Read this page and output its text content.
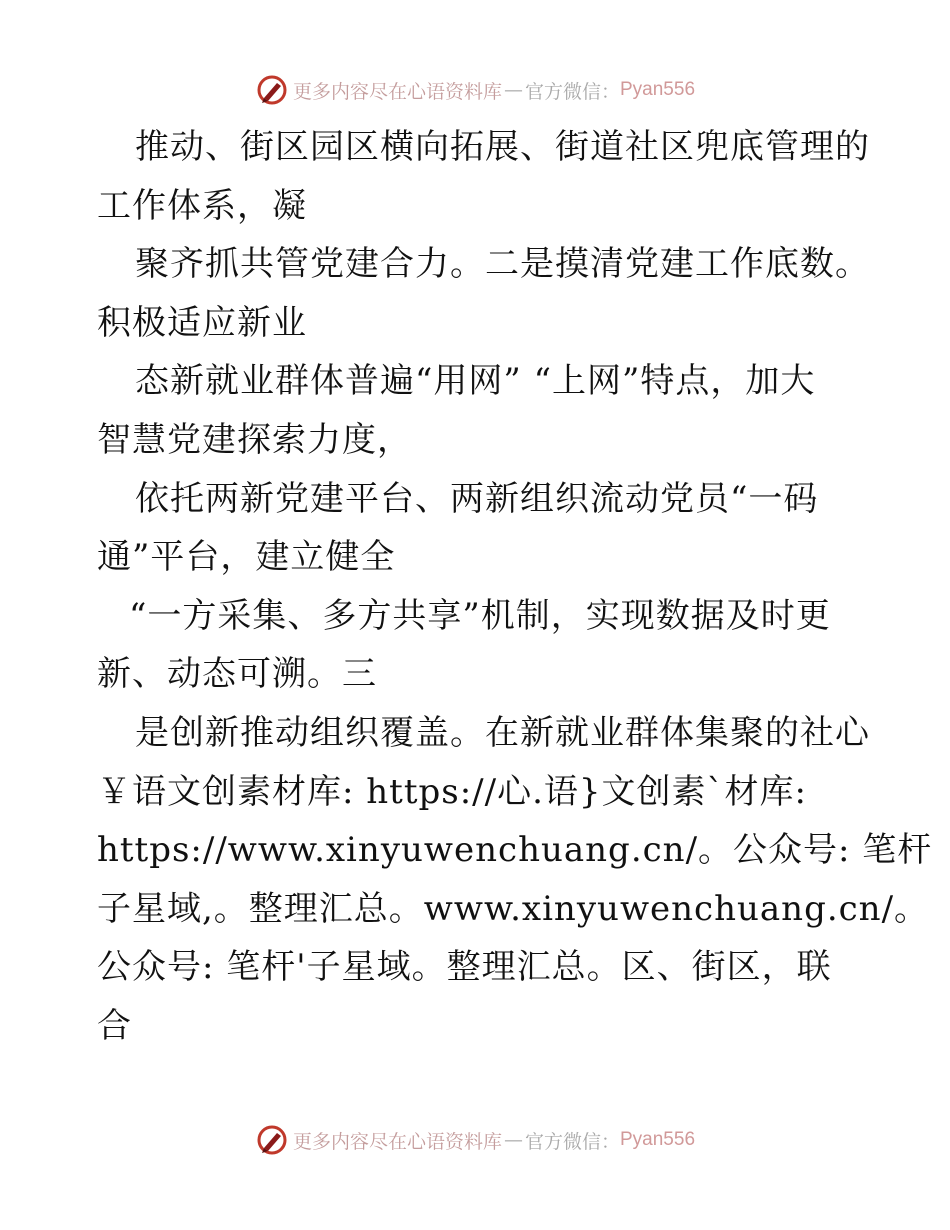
更多内容尽在心语资料库 — 官方微信： Pyan556
推动、街区园区横向拓展、街道社区兜底管理的
工作体系，凝
聚齐抓共管党建合力。二是摸清党建工作底数。
积极适应新业
态新就业群体普遍“用网” “上网”特点，加大
智慧党建探索力度，
依托两新党建平台、两新组织流动党员“一码
通”平台，建立健全
“一方采集、多方共享”机制，实现数据及时更
新、动态可溯。三
是创新推动组织覆盖。在新就业群体集聚的社心
￥语文创素材库: https://心.语}文创素`材库:
https://www.xinyuwenchuang.cn/。公众号: 笔杆
子星域,。整理汇总。www.xinyuwenchuang.cn/。
公众号: 笔杆'子星域。整理汇总。区、街区，联
合
更多内容尽在心语资料库 — 官方微信： Pyan556
